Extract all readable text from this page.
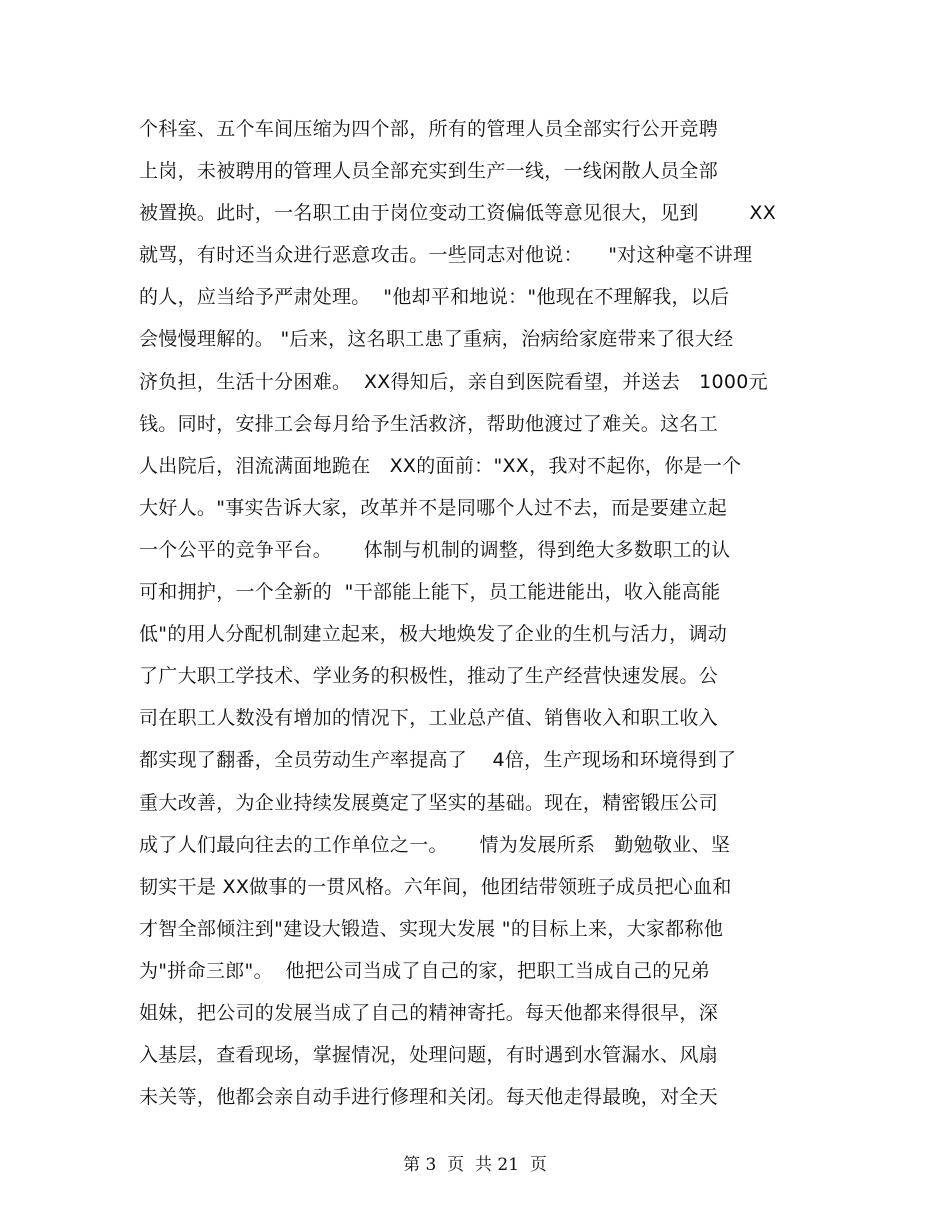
个科室、五个车间压缩为四个部，所有的管理人员全部实行公开竞聘
上岗，未被聘用的管理人员全部充实到生产一线，一线闲散人员全部
被置换。此时，一名职工由于岗位变动工资偏低等意见很大，见到        XX
就骂，有时还当众进行恶意攻击。一些同志对他说：    "对这种毫不讲理
的人，应当给予严肃处理。  "他却平和地说："他现在不理解我，以后
会慢慢理解的。 "后来，这名职工患了重病，治病给家庭带来了很大经
济负担，生活十分困难。  XX得知后，亲自到医院看望，并送去   1000元
钱。同时，安排工会每月给予生活救济，帮助他渡过了难关。这名工
人出院后，泪流满面地跪在   XX的面前："XX，我对不起你，你是一个
大好人。"事实告诉大家，改革并不是同哪个人过不去，而是要建立起
一个公平的竞争平台。     体制与机制的调整，得到绝大多数职工的认
可和拥护，一个全新的  "干部能上能下，员工能进能出，收入能高能
低"的用人分配机制建立起来，极大地焕发了企业的生机与活力，调动
了广大职工学技术、学业务的积极性，推动了生产经营快速发展。公
司在职工人数没有增加的情况下，工业总产值、销售收入和职工收入
都实现了翻番，全员劳动生产率提高了    4倍，生产现场和环境得到了
重大改善，为企业持续发展奠定了坚实的基础。现在，精密锻压公司
成了人们最向往去的工作单位之一。     情为发展所系   勤勉敬业、坚
韧实干是 XX做事的一贯风格。六年间，他团结带领班子成员把心血和
才智全部倾注到"建设大锻造、实现大发展 "的目标上来，大家都称他
为"拼命三郎"。  他把公司当成了自己的家，把职工当成自己的兄弟
姐妹，把公司的发展当成了自己的精神寄托。每天他都来得很早，深
入基层，查看现场，掌握情况，处理问题，有时遇到水管漏水、风扇
未关等，他都会亲自动手进行修理和关闭。每天他走得最晚，对全天
第 3  页  共 21  页
